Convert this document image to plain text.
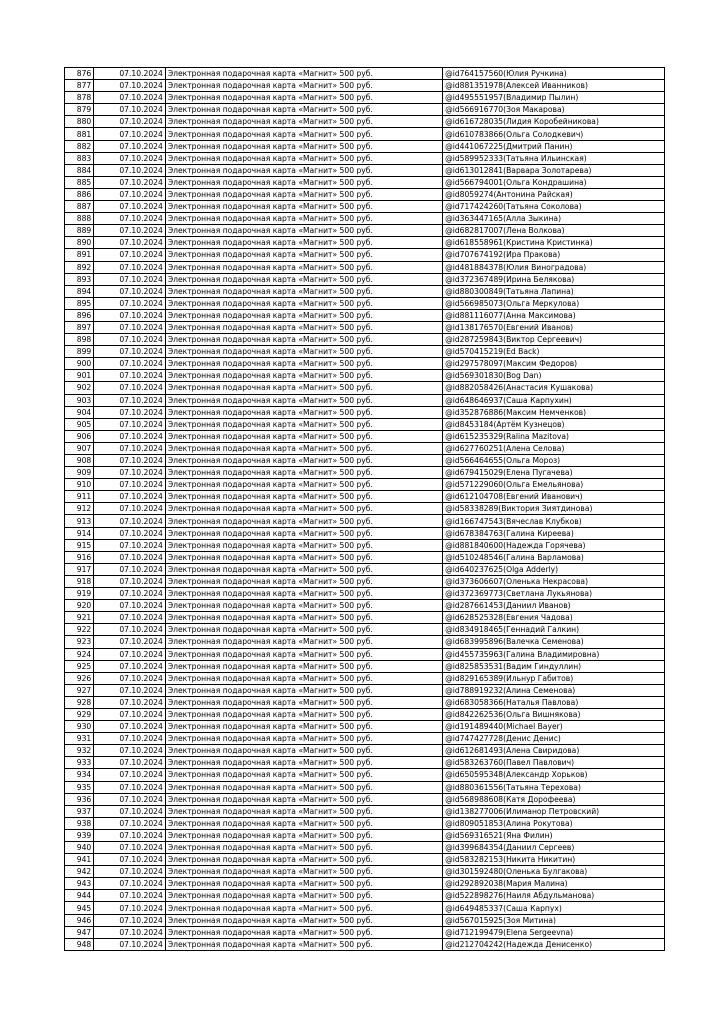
876	07.10.2024	Электронная подарочная карта «Магнит» 500 руб.	@id764157560(Юлия Ручкина)
877	07.10.2024	Электронная подарочная карта «Магнит» 500 руб.	@id881351978(Алексей Иванников)
878	07.10.2024	Электронная подарочная карта «Магнит» 500 руб.	@id495551957(Владимир Пылин)
879	07.10.2024	Электронная подарочная карта «Магнит» 500 руб.	@id566916770(Зоя Макарова)
880	07.10.2024	Электронная подарочная карта «Магнит» 500 руб.	@id616728035(Лидия Коробейникова)
881	07.10.2024	Электронная подарочная карта «Магнит» 500 руб.	@id610783866(Ольга Солодкевич)
882	07.10.2024	Электронная подарочная карта «Магнит» 500 руб.	@id441067225(Дмитрий Панин)
883	07.10.2024	Электронная подарочная карта «Магнит» 500 руб.	@id589952333(Татьяна Ильинская)
884	07.10.2024	Электронная подарочная карта «Магнит» 500 руб.	@id613012841(Варвара Золотарева)
885	07.10.2024	Электронная подарочная карта «Магнит» 500 руб.	@id566794001(Ольга Кондрашина)
886	07.10.2024	Электронная подарочная карта «Магнит» 500 руб.	@id8059274(Антонина Райская)
887	07.10.2024	Электронная подарочная карта «Магнит» 500 руб.	@id717424260(Татьяна Соколова)
888	07.10.2024	Электронная подарочная карта «Магнит» 500 руб.	@id363447165(Алла Зыкина)
889	07.10.2024	Электронная подарочная карта «Магнит» 500 руб.	@id682817007(Лена Волкова)
890	07.10.2024	Электронная подарочная карта «Магнит» 500 руб.	@id618558961(Кристина Кристинка)
891	07.10.2024	Электронная подарочная карта «Магнит» 500 руб.	@id707674192(Ира Пракова)
892	07.10.2024	Электронная подарочная карта «Магнит» 500 руб.	@id481884378(Юлия Виноградова)
893	07.10.2024	Электронная подарочная карта «Магнит» 500 руб.	@id372367489(Ирина Белякова)
894	07.10.2024	Электронная подарочная карта «Магнит» 500 руб.	@id880300849(Татьяна Лапина)
895	07.10.2024	Электронная подарочная карта «Магнит» 500 руб.	@id566985073(Ольга Меркулова)
896	07.10.2024	Электронная подарочная карта «Магнит» 500 руб.	@id881116077(Анна Максимова)
897	07.10.2024	Электронная подарочная карта «Магнит» 500 руб.	@id138176570(Евгений Иванов)
898	07.10.2024	Электронная подарочная карта «Магнит» 500 руб.	@id287259843(Виктор Сергеевич)
899	07.10.2024	Электронная подарочная карта «Магнит» 500 руб.	@id570415219(Ed Back)
900	07.10.2024	Электронная подарочная карта «Магнит» 500 руб.	@id297578097(Максим Федоров)
901	07.10.2024	Электронная подарочная карта «Магнит» 500 руб.	@id569301830(Bog Dan)
902	07.10.2024	Электронная подарочная карта «Магнит» 500 руб.	@id882058426(Анастасия Кушакова)
903	07.10.2024	Электронная подарочная карта «Магнит» 500 руб.	@id648646937(Саша Карпухин)
904	07.10.2024	Электронная подарочная карта «Магнит» 500 руб.	@id352876886(Максим Немченков)
905	07.10.2024	Электронная подарочная карта «Магнит» 500 руб.	@id8453184(Артём Кузнецов)
906	07.10.2024	Электронная подарочная карта «Магнит» 500 руб.	@id615235329(Ralina Mazitova)
907	07.10.2024	Электронная подарочная карта «Магнит» 500 руб.	@id627760251(Алена Селова)
908	07.10.2024	Электронная подарочная карта «Магнит» 500 руб.	@id566464655(Ольга Мороз)
909	07.10.2024	Электронная подарочная карта «Магнит» 500 руб.	@id679415029(Елена Пугачева)
910	07.10.2024	Электронная подарочная карта «Магнит» 500 руб.	@id571229060(Ольга Емельянова)
911	07.10.2024	Электронная подарочная карта «Магнит» 500 руб.	@id612104708(Евгений Иванович)
912	07.10.2024	Электронная подарочная карта «Магнит» 500 руб.	@id58338289(Виктория Зиятдинова)
913	07.10.2024	Электронная подарочная карта «Магнит» 500 руб.	@id166747543(Вячеслав Клубков)
914	07.10.2024	Электронная подарочная карта «Магнит» 500 руб.	@id678384763(Галина Киреева)
915	07.10.2024	Электронная подарочная карта «Магнит» 500 руб.	@id881840600(Надежда Горячева)
916	07.10.2024	Электронная подарочная карта «Магнит» 500 руб.	@id510248546(Галина Варламова)
917	07.10.2024	Электронная подарочная карта «Магнит» 500 руб.	@id640237625(Olga Adderly)
918	07.10.2024	Электронная подарочная карта «Магнит» 500 руб.	@id373606607(Оленька Некрасова)
919	07.10.2024	Электронная подарочная карта «Магнит» 500 руб.	@id372369773(Светлана Лукьянова)
920	07.10.2024	Электронная подарочная карта «Магнит» 500 руб.	@id287661453(Даниил Иванов)
921	07.10.2024	Электронная подарочная карта «Магнит» 500 руб.	@id628525328(Евгения Чадова)
922	07.10.2024	Электронная подарочная карта «Магнит» 500 руб.	@id834918465(Геннадий Галкин)
923	07.10.2024	Электронная подарочная карта «Магнит» 500 руб.	@id683995896(Валечка Семенова)
924	07.10.2024	Электронная подарочная карта «Магнит» 500 руб.	@id455735963(Галина Владимировна)
925	07.10.2024	Электронная подарочная карта «Магнит» 500 руб.	@id825853531(Вадим Гиндуллин)
926	07.10.2024	Электронная подарочная карта «Магнит» 500 руб.	@id829165389(Ильнур Габитов)
927	07.10.2024	Электронная подарочная карта «Магнит» 500 руб.	@id788919232(Алина Семенова)
928	07.10.2024	Электронная подарочная карта «Магнит» 500 руб.	@id683058366(Наталья Павлова)
929	07.10.2024	Электронная подарочная карта «Магнит» 500 руб.	@id842262536(Ольга Вишнякова)
930	07.10.2024	Электронная подарочная карта «Магнит» 500 руб.	@id191489440(Michael Bayer)
931	07.10.2024	Электронная подарочная карта «Магнит» 500 руб.	@id747427728(Денис Денис)
932	07.10.2024	Электронная подарочная карта «Магнит» 500 руб.	@id612681493(Алена Свиридова)
933	07.10.2024	Электронная подарочная карта «Магнит» 500 руб.	@id583263760(Павел Павлович)
934	07.10.2024	Электронная подарочная карта «Магнит» 500 руб.	@id650595348(Александр Хорьков)
935	07.10.2024	Электронная подарочная карта «Магнит» 500 руб.	@id880361556(Татьяна Терехова)
936	07.10.2024	Электронная подарочная карта «Магнит» 500 руб.	@id568988608(Катя Дорофеева)
937	07.10.2024	Электронная подарочная карта «Магнит» 500 руб.	@id138277006(Илиманор Петровский)
938	07.10.2024	Электронная подарочная карта «Магнит» 500 руб.	@id809051853(Алина Рокутова)
939	07.10.2024	Электронная подарочная карта «Магнит» 500 руб.	@id569316521(Яна Филин)
940	07.10.2024	Электронная подарочная карта «Магнит» 500 руб.	@id399684354(Даниил Сергеев)
941	07.10.2024	Электронная подарочная карта «Магнит» 500 руб.	@id583282153(Никита Никитин)
942	07.10.2024	Электронная подарочная карта «Магнит» 500 руб.	@id301592480(Оленька Булгакова)
943	07.10.2024	Электронная подарочная карта «Магнит» 500 руб.	@id292892038(Мария Малина)
944	07.10.2024	Электронная подарочная карта «Магнит» 500 руб.	@id522898276(Наиля Абдульманова)
945	07.10.2024	Электронная подарочная карта «Магнит» 500 руб.	@id649485337(Саша Карпух)
946	07.10.2024	Электронная подарочная карта «Магнит» 500 руб.	@id567015925(Зоя Митина)
947	07.10.2024	Электронная подарочная карта «Магнит» 500 руб.	@id712199479(Elena Sergeevna)
948	07.10.2024	Электронная подарочная карта «Магнит» 500 руб.	@id212704242(Надежда Денисенко)
